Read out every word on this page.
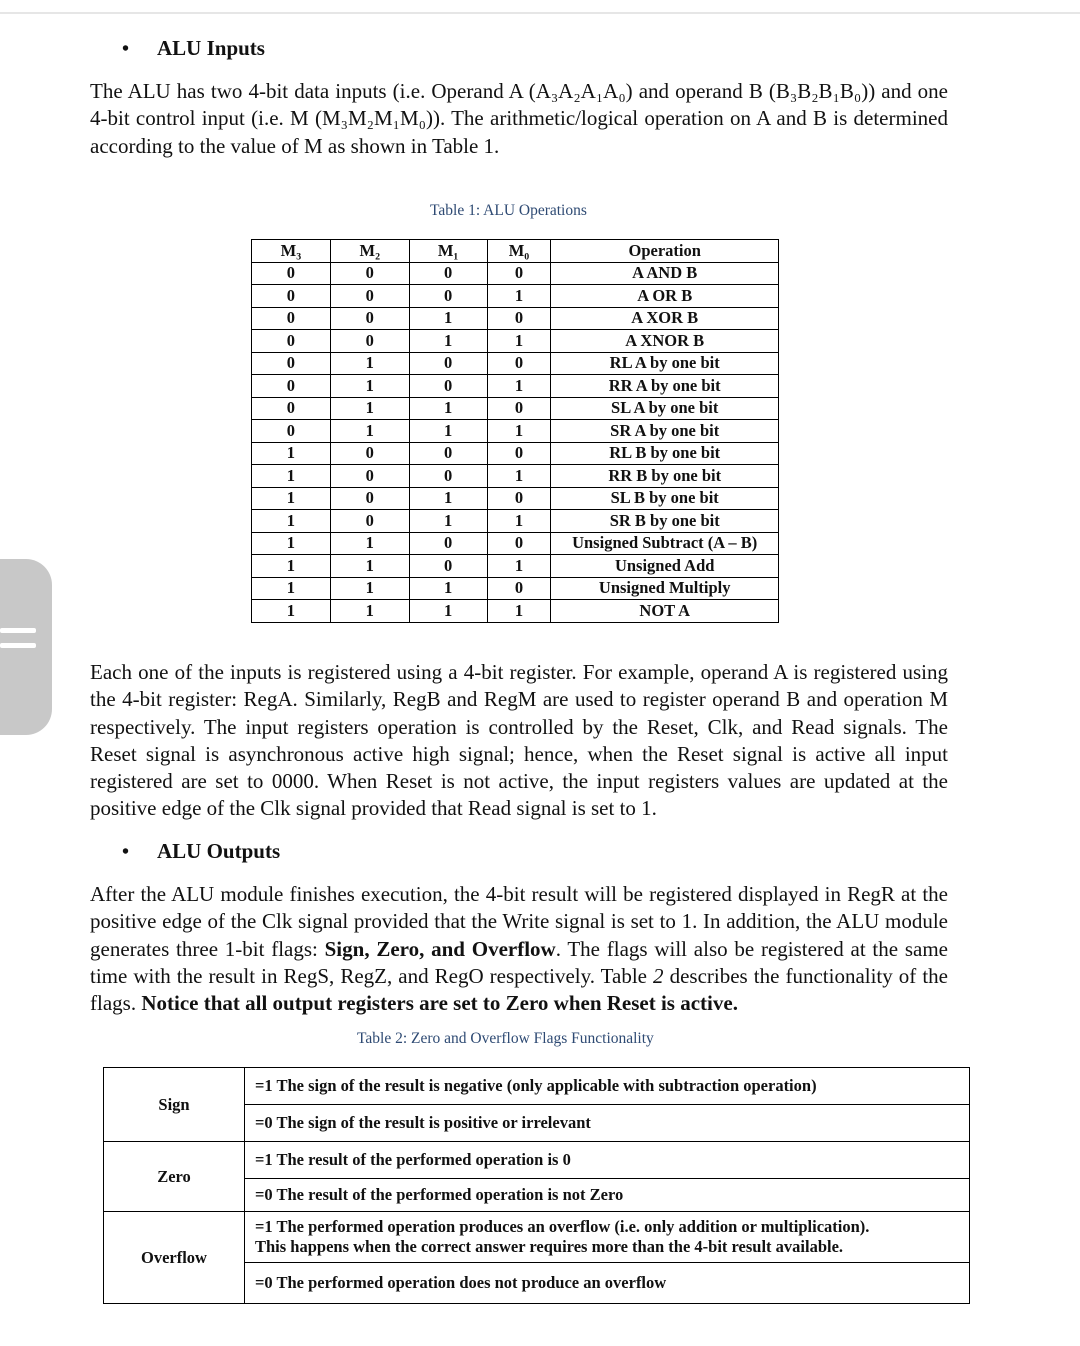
• ALU Inputs
The ALU has two 4-bit data inputs (i.e. Operand A (A₃A₂A₁A₀) and operand B (B₃B₂B₁B₀)) and one 4-bit control input (i.e. M (M₃M₂M₁M₀)). The arithmetic/logical operation on A and B is determined according to the value of M as shown in Table 1.
Table 1: ALU Operations
M₃	M₂	M₁	M₀	Operation
0	0	0	0	A AND B
0	0	0	1	A OR B
0	0	1	0	A XOR B
0	0	1	1	A XNOR B
0	1	0	0	RL A by one bit
0	1	0	1	RR A by one bit
0	1	1	0	SL A by one bit
0	1	1	1	SR A by one bit
1	0	0	0	RL B by one bit
1	0	0	1	RR B by one bit
1	0	1	0	SL B by one bit
1	0	1	1	SR B by one bit
1	1	0	0	Unsigned Subtract (A – B)
1	1	0	1	Unsigned Add
1	1	1	0	Unsigned Multiply
1	1	1	1	NOT A
Each one of the inputs is registered using a 4-bit register. For example, operand A is registered using the 4-bit register: RegA. Similarly, RegB and RegM are used to register operand B and operation M respectively. The input registers operation is controlled by the Reset, Clk, and Read signals. The Reset signal is asynchronous active high signal; hence, when the Reset signal is active all input registered are set to 0000. When Reset is not active, the input registers values are updated at the positive edge of the Clk signal provided that Read signal is set to 1.
• ALU Outputs
After the ALU module finishes execution, the 4-bit result will be registered displayed in RegR at the positive edge of the Clk signal provided that the Write signal is set to 1. In addition, the ALU module generates three 1-bit flags: Sign, Zero, and Overflow. The flags will also be registered at the same time with the result in RegS, RegZ, and RegO respectively. Table 2 describes the functionality of the flags. Notice that all output registers are set to Zero when Reset is active.
Table 2: Zero and Overflow Flags Functionality
Sign	=1 The sign of the result is negative (only applicable with subtraction operation)
	=0 The sign of the result is positive or irrelevant
Zero	=1 The result of the performed operation is 0
	=0 The result of the performed operation is not Zero
Overflow	=1 The performed operation produces an overflow (i.e. only addition or multiplication).
This happens when the correct answer requires more than the 4-bit result available.

	=0 The performed operation does not produce an overflow
